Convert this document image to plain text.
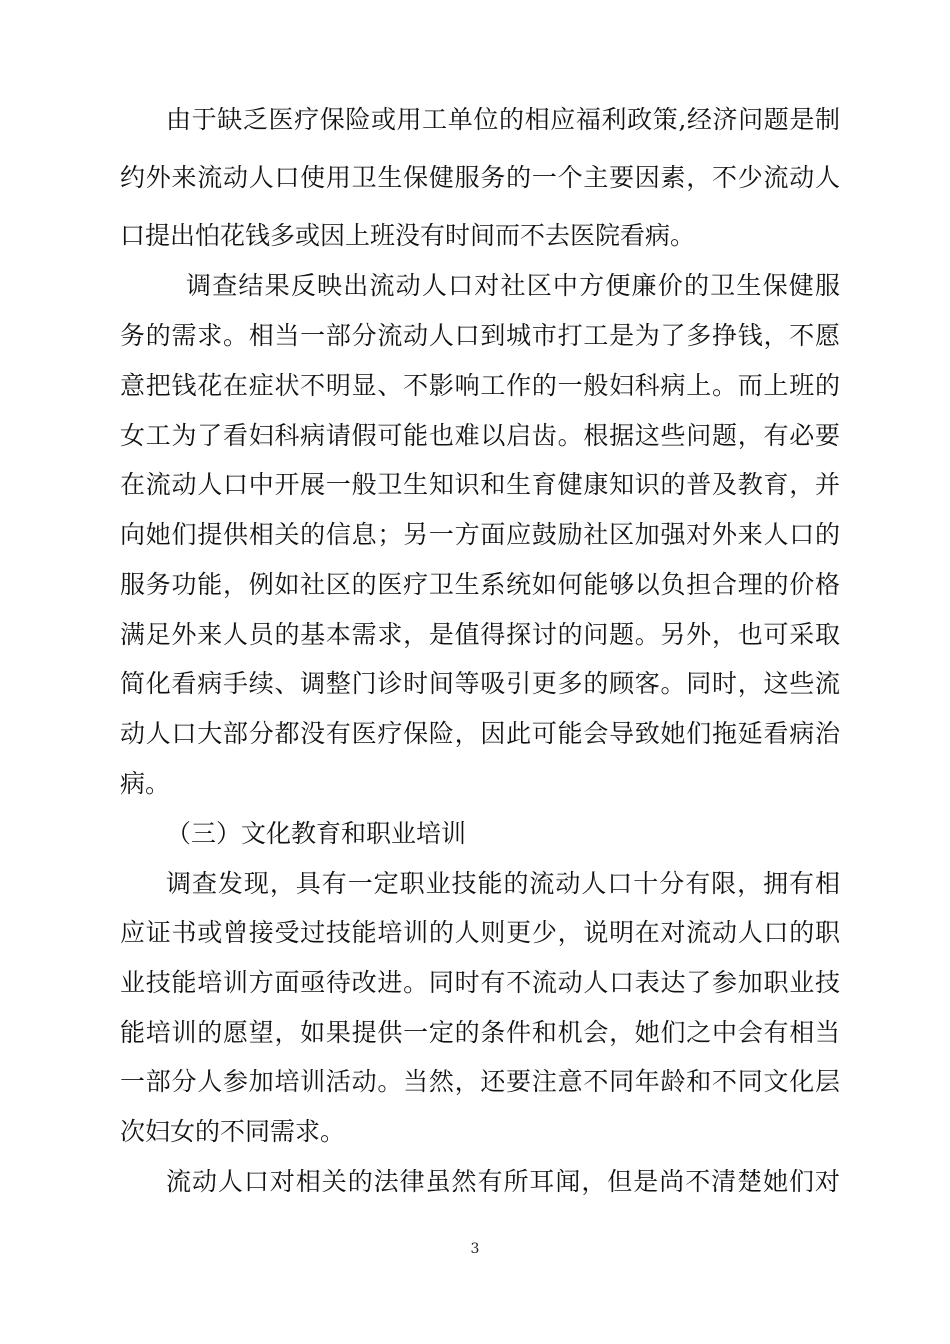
由于缺乏医疗保险或用工单位的相应福利政策,经济问题是制
约外来流动人口使用卫生保健服务的一个主要因素，不少流动人
口提出怕花钱多或因上班没有时间而不去医院看病。
调查结果反映出流动人口对社区中方便廉价的卫生保健服
务的需求。相当一部分流动人口到城市打工是为了多挣钱，不愿
意把钱花在症状不明显、不影响工作的一般妇科病上。而上班的
女工为了看妇科病请假可能也难以启齿。根据这些问题，有必要
在流动人口中开展一般卫生知识和生育健康知识的普及教育，并
向她们提供相关的信息；另一方面应鼓励社区加强对外来人口的
服务功能，例如社区的医疗卫生系统如何能够以负担合理的价格
满足外来人员的基本需求，是值得探讨的问题。另外，也可采取
简化看病手续、调整门诊时间等吸引更多的顾客。同时，这些流
动人口大部分都没有医疗保险，因此可能会导致她们拖延看病治
病。
（三）文化教育和职业培训
调查发现，具有一定职业技能的流动人口十分有限，拥有相
应证书或曾接受过技能培训的人则更少，说明在对流动人口的职
业技能培训方面亟待改进。同时有不流动人口表达了参加职业技
能培训的愿望，如果提供一定的条件和机会，她们之中会有相当
一部分人参加培训活动。当然，还要注意不同年龄和不同文化层
次妇女的不同需求。
流动人口对相关的法律虽然有所耳闻，但是尚不清楚她们对
3
